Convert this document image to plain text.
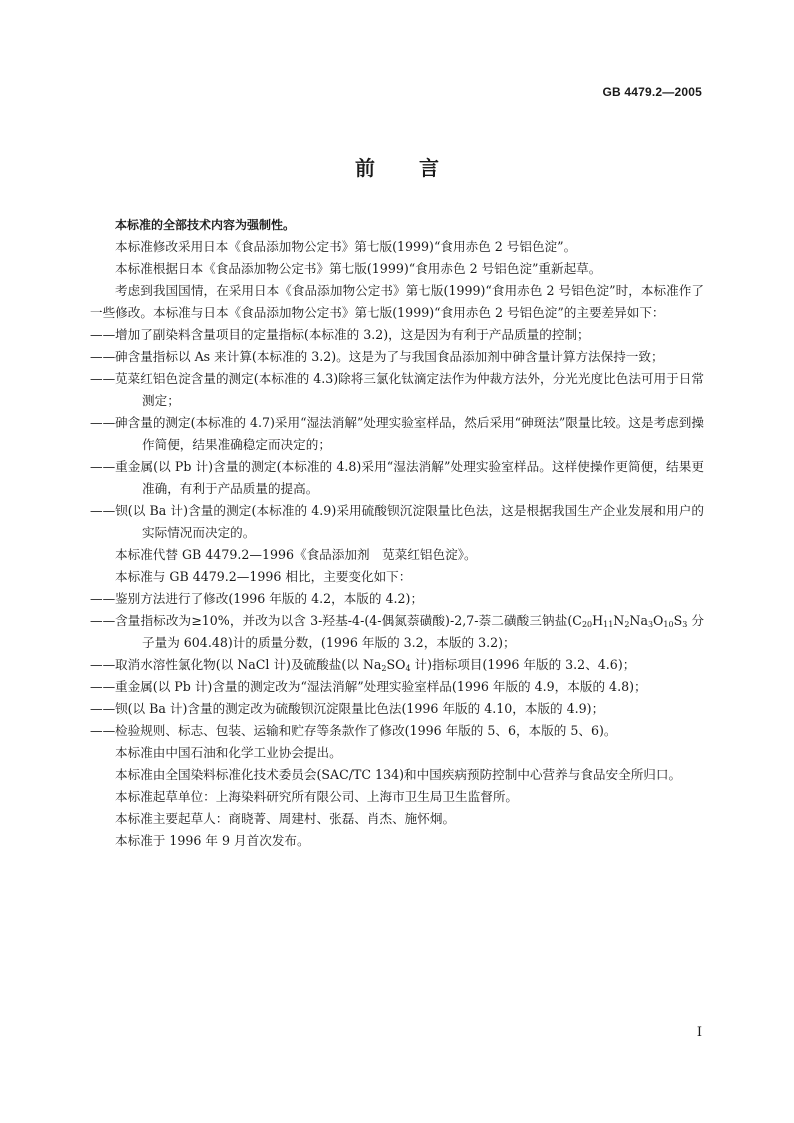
GB 4479.2—2005
前 言
本标准的全部技术内容为强制性。
本标准修改采用日本《食品添加物公定书》第七版(1999)“食用赤色 2 号铝色淀”。
本标准根据日本《食品添加物公定书》第七版(1999)“食用赤色 2 号铝色淀”重新起草。
考虑到我国国情，在采用日本《食品添加物公定书》第七版(1999)“食用赤色 2 号铝色淀”时，本标准作了一些修改。本标准与日本《食品添加物公定书》第七版(1999)“食用赤色 2 号铝色淀”的主要差异如下：
——增加了副染料含量项目的定量指标(本标准的 3.2)，这是因为有利于产品质量的控制；
——砷含量指标以 As 来计算(本标准的 3.2)。这是为了与我国食品添加剂中砷含量计算方法保持一致；
——苋菜红铝色淀含量的测定(本标准的 4.3)除将三氯化钛滴定法作为仲裁方法外，分光光度比色法可用于日常测定；
——砷含量的测定(本标准的 4.7)采用“湿法消解”处理实验室样品，然后采用“砷斑法”限量比较。这是考虑到操作简便，结果准确稳定而决定的；
——重金属(以 Pb 计)含量的测定(本标准的 4.8)采用“湿法消解”处理实验室样品。这样使操作更简便，结果更准确，有利于产品质量的提高。
——钡(以 Ba 计)含量的测定(本标准的 4.9)采用硫酸钡沉淀限量比色法，这是根据我国生产企业发展和用户的实际情况而决定的。
本标准代替 GB 4479.2—1996《食品添加剂　苋菜红铝色淀》。
本标准与 GB 4479.2—1996 相比，主要变化如下：
——鉴别方法进行了修改(1996 年版的 4.2，本版的 4.2)；
——含量指标改为≥10%，并改为以含 3-羟基-4-(4-偶氮萘磺酸)-2,7-萘二磺酸三钠盐($C_{20}H_{11}N_2Na_3O_{10}S_3$ 分子量为 604.48)计的质量分数，(1996 年版的 3.2，本版的 3.2)；
——取消水溶性氯化物(以 NaCl 计)及硫酸盐(以 $Na_2SO_4$ 计)指标项目(1996 年版的 3.2、4.6)；
——重金属(以 Pb 计)含量的测定改为“湿法消解”处理实验室样品(1996 年版的 4.9，本版的 4.8)；
——钡(以 Ba 计)含量的测定改为硫酸钡沉淀限量比色法(1996 年版的 4.10，本版的 4.9)；
——检验规则、标志、包装、运输和贮存等条款作了修改(1996 年版的 5、6，本版的 5、6)。
本标准由中国石油和化学工业协会提出。
本标准由全国染料标准化技术委员会(SAC/TC 134)和中国疾病预防控制中心营养与食品安全所归口。
本标准起草单位：上海染料研究所有限公司、上海市卫生局卫生监督所。
本标准主要起草人：商晓菁、周建村、张磊、肖杰、施怀炯。
本标准于 1996 年 9 月首次发布。
I
